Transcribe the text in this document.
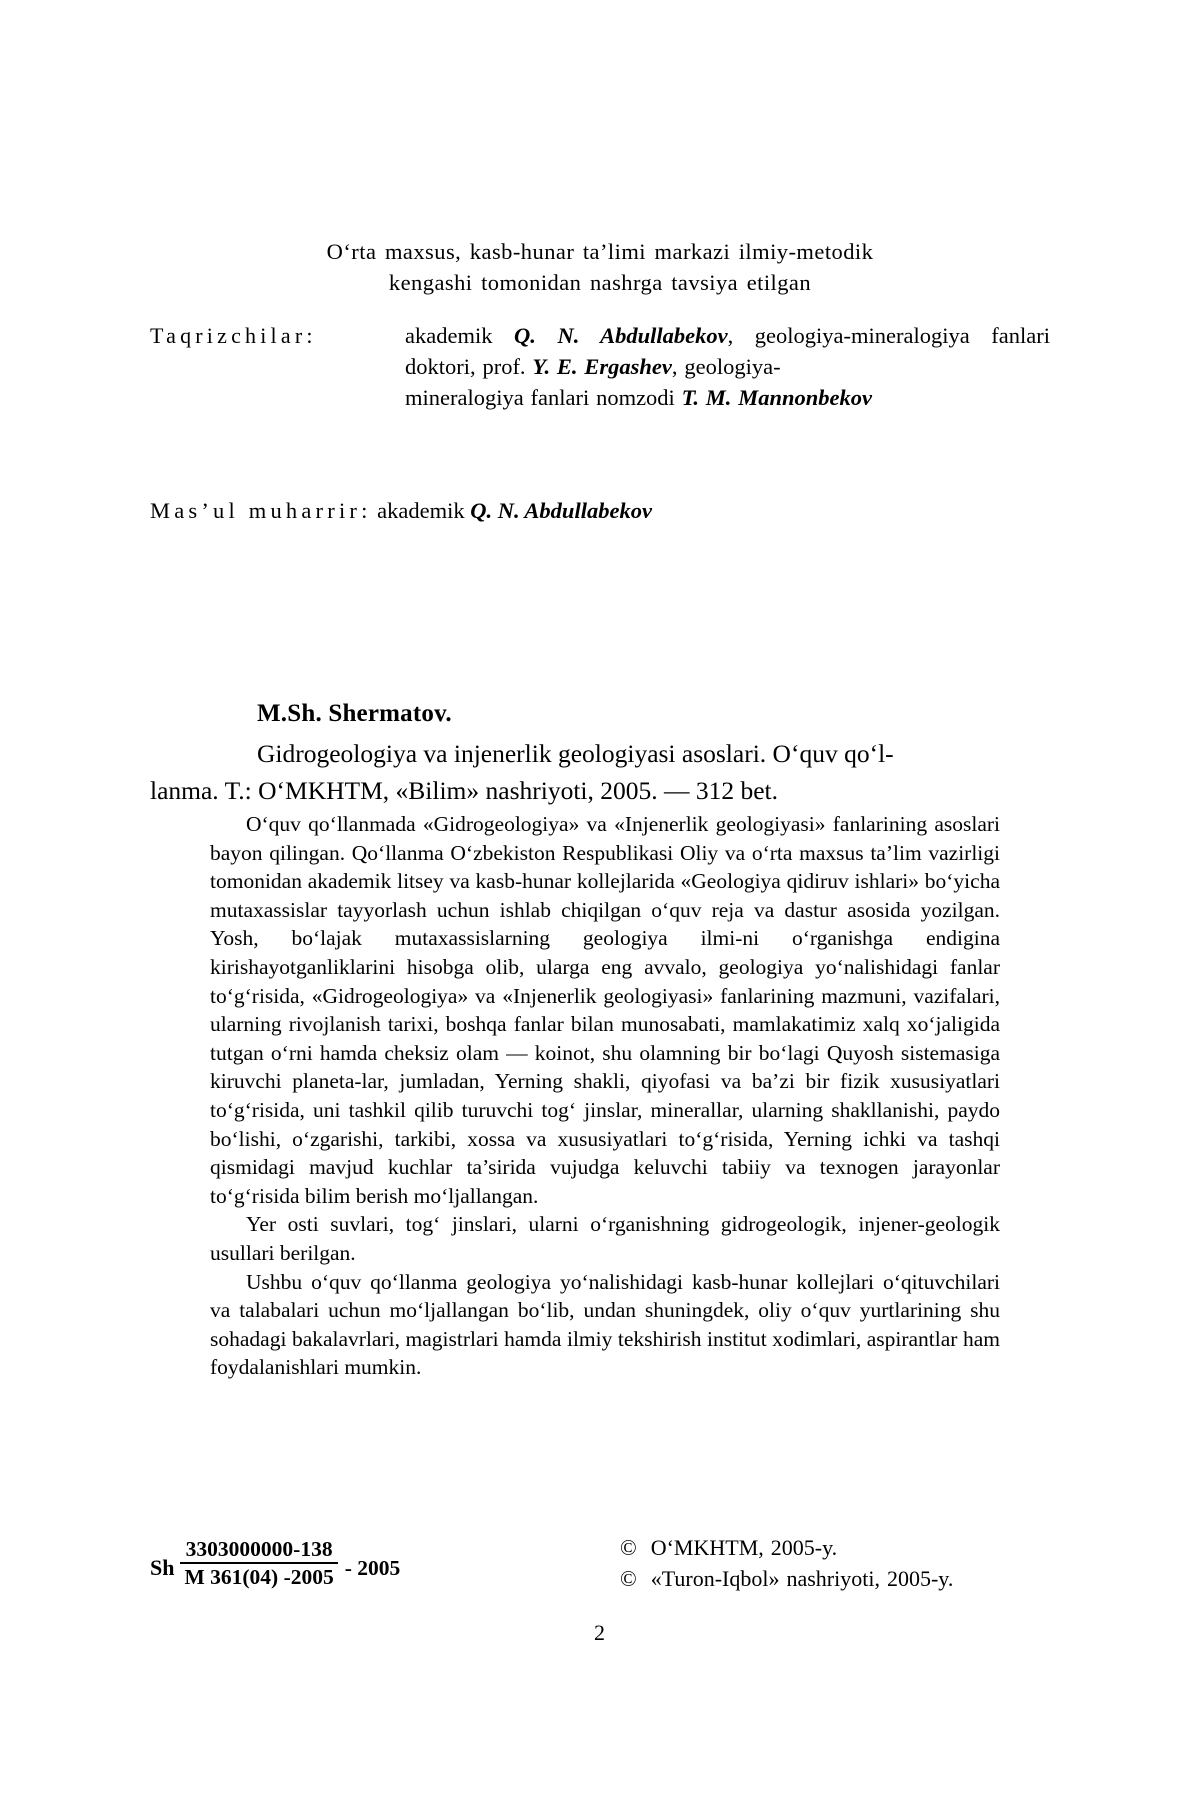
O‘rta maxsus, kasb-hunar ta’limi markazi ilmiy-metodik
kengashi tomonidan nashrga tavsiya etilgan
Taqrizchilar:	akademik Q. N. Abdullabekov, geologiya-mineralogiya fanlari doktori, prof. Y. E. Ergashev, geologiya-
mineralogiya fanlari nomzodi T. M. Mannonbekov
Mas’ul muharrir: akademik Q. N. Abdullabekov
M.Sh. Shermatov.
Gidrogeologiya va injenerlik geologiyasi asoslari. O‘quv qo‘l-
lanma. T.: O‘MKHTM, «Bilim» nashriyoti, 2005. — 312 bet.

O‘quv qo‘llanmada «Gidrogeologiya» va «Injenerlik geologiyasi» fanlarining asoslari bayon qilingan. Qo‘llanma O‘zbekiston Respublikasi Oliy va o‘rta maxsus ta’lim vazirligi tomonidan akademik litsey va kasb-hunar kollejlarida «Geologiya qidiruv ishlari» bo‘yicha mutaxassislar tayyorlash uchun ishlab chiqilgan o‘quv reja va dastur asosida yozilgan. Yosh, bo‘lajak mutaxassislarning geologiya ilmi-ni o‘rganishga endigina kirishayotganliklarini hisobga olib, ularga eng avvalo, geologiya yo‘nalishidagi fanlar to‘g‘risida, «Gidrogeologiya» va «Injenerlik geologiyasi» fanlarining mazmuni, vazifalari, ularning rivojlanish tarixi, boshqa fanlar bilan munosabati, mamlakatimiz xalq xo‘jaligida tutgan o‘rni hamda cheksiz olam — koinot, shu olamning bir bo‘lagi Quyosh sistemasiga kiruvchi planeta-lar, jumladan, Yerning shakli, qiyofasi va ba’zi bir fizik xususiyatlari to‘g‘risida, uni tashkil qilib turuvchi tog‘ jinslar, minerallar, ularning shakllanishi, paydo bo‘lishi, o‘zgarishi, tarkibi, xossa va xususiyatlari to‘g‘risida, Yerning ichki va tashqi qismidagi mavjud kuchlar ta’sirida vujudga keluvchi tabiiy va texnogen jarayonlar to‘g‘risida bilim berish mo‘ljallangan.

Yer osti suvlari, tog‘ jinslari, ularni o‘rganishning gidrogeologik, injener-geologik usullari berilgan.

Ushbu o‘quv qo‘llanma geologiya yo‘nalishidagi kasb-hunar kollejlari o‘qituvchilari va talabalari uchun mo‘ljallangan bo‘lib, undan shuningdek, oliy o‘quv yurtlarining shu sohadagi bakalavrlari, magistrlari hamda ilmiy tekshirish institut xodimlari, aspirantlar ham foydalanishlari mumkin.

Sh $\frac{3303000000-138}{M 361(04) -2005} - 2005$
©  O‘MKHTM, 2005-y.
©  «Turon-Iqbol» nashriyoti, 2005-y.
2
